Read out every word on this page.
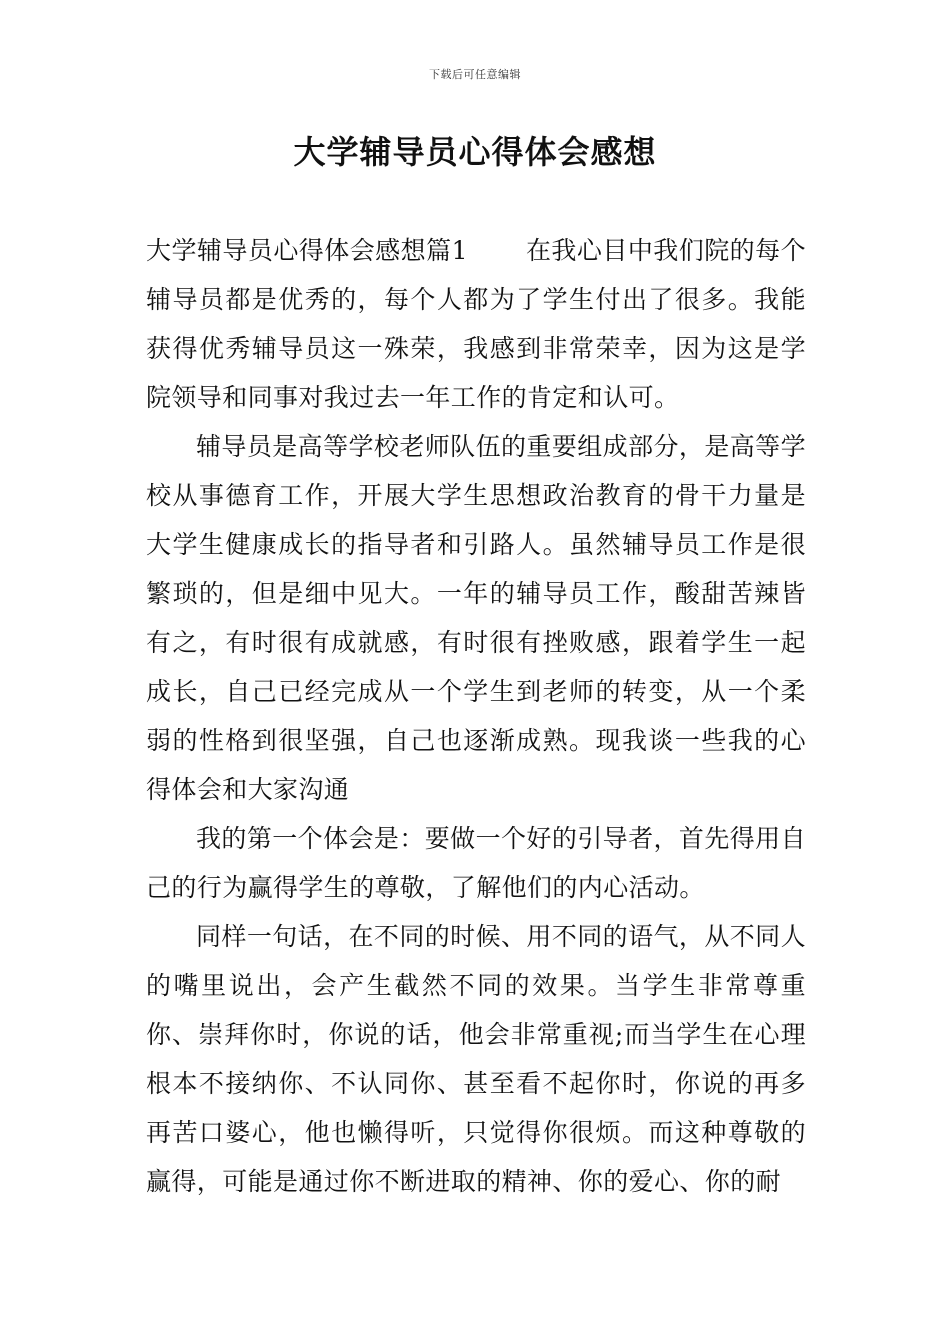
下载后可任意编辑
大学辅导员心得体会感想

大学辅导员心得体会感想篇1 在我心目中我们院的每个辅导员都是优秀的，每个人都为了学生付出了很多。我能获得优秀辅导员这一殊荣，我感到非常荣幸，因为这是学院领导和同事对我过去一年工作的肯定和认可。

辅导员是高等学校老师队伍的重要组成部分，是高等学校从事德育工作，开展大学生思想政治教育的骨干力量是大学生健康成长的指导者和引路人。虽然辅导员工作是很繁琐的，但是细中见大。一年的辅导员工作，酸甜苦辣皆有之，有时很有成就感，有时很有挫败感，跟着学生一起成长，自己已经完成从一个学生到老师的转变，从一个柔弱的性格到很坚强，自己也逐渐成熟。现我谈一些我的心得体会和大家沟通

我的第一个体会是：要做一个好的引导者，首先得用自己的行为赢得学生的尊敬，了解他们的内心活动。

同样一句话，在不同的时候、用不同的语气，从不同人的嘴里说出，会产生截然不同的效果。当学生非常尊重你、崇拜你时，你说的话，他会非常重视;而当学生在心理根本不接纳你、不认同你、甚至看不起你时，你说的再多再苦口婆心，他也懒得听，只觉得你很烦。而这种尊敬的赢得，可能是通过你不断进取的精神、你的爱心、你的耐
